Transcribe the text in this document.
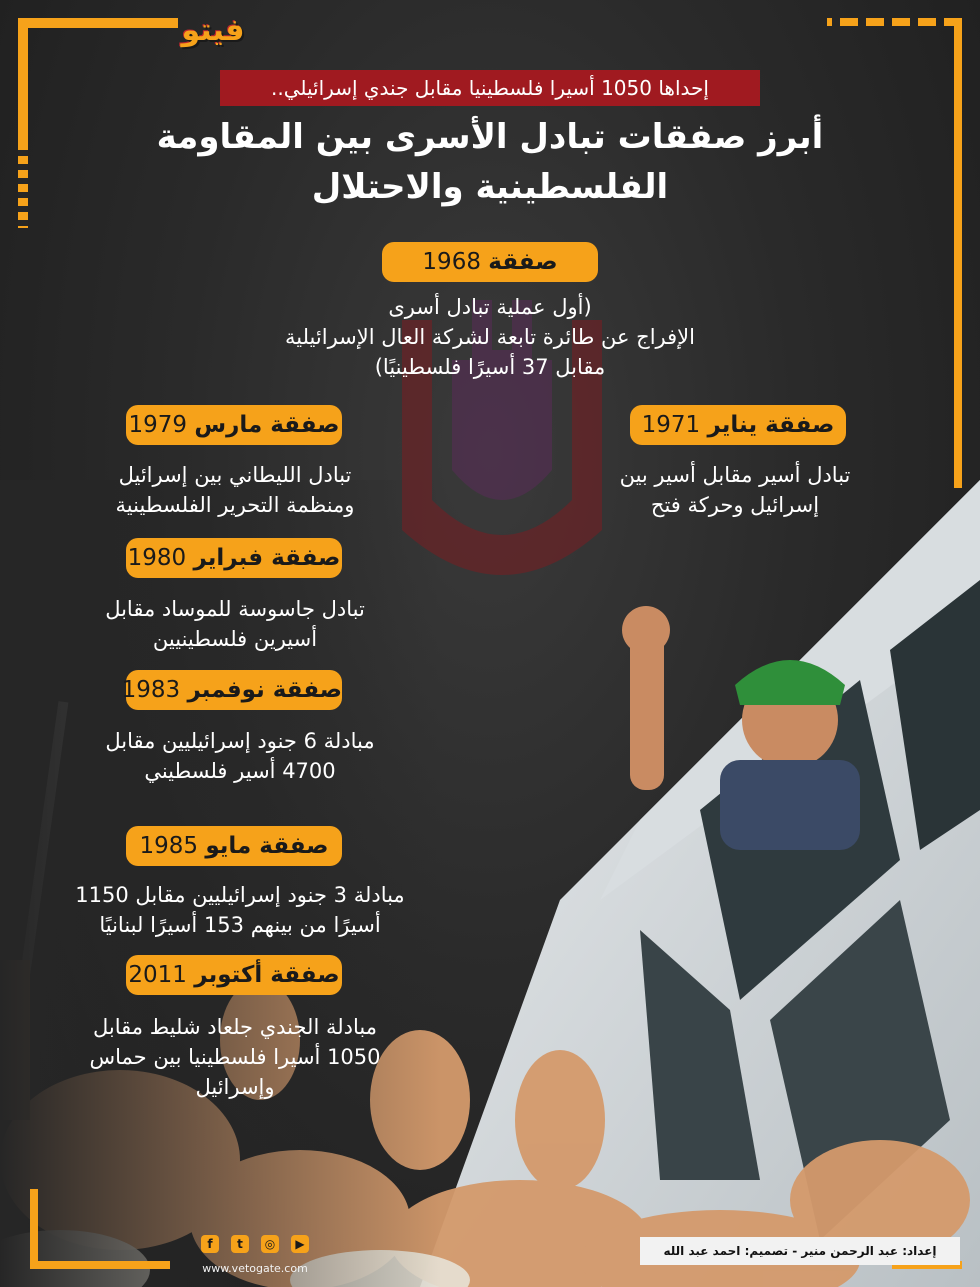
فيتو
إحداها 1050 أسيرا فلسطينيا مقابل جندي إسرائيلي..
أبرز صفقات تبادل الأسرى بين المقاومة
الفلسطينية والاحتلال
صفقة 1968
(أول عملية تبادل أسرى
الإفراج عن طائرة تابعة لشركة العال الإسرائيلية
مقابل 37 أسيرًا فلسطينيًا)
صفقة يناير 1971
تبادل أسير مقابل أسير بين
إسرائيل وحركة فتح
صفقة مارس 1979
تبادل الليطاني بين إسرائيل
ومنظمة التحرير الفلسطينية
صفقة فبراير 1980
تبادل جاسوسة للموساد مقابل
أسيرين فلسطينيين
صفقة نوفمبر 1983
مبادلة 6 جنود إسرائيليين مقابل
4700 أسير فلسطيني
صفقة مايو 1985
مبادلة 3 جنود إسرائيليين مقابل 1150
أسيرًا من بينهم 153 أسيرًا لبنانيًا
صفقة أكتوبر 2011
مبادلة الجندي جلعاد شليط مقابل
1050 أسيرا فلسطينيا بين حماس
وإسرائيل
f	t	◎	▶
www.vetogate.com
إعداد: عبد الرحمن منير - تصميم: احمد عبد الله
